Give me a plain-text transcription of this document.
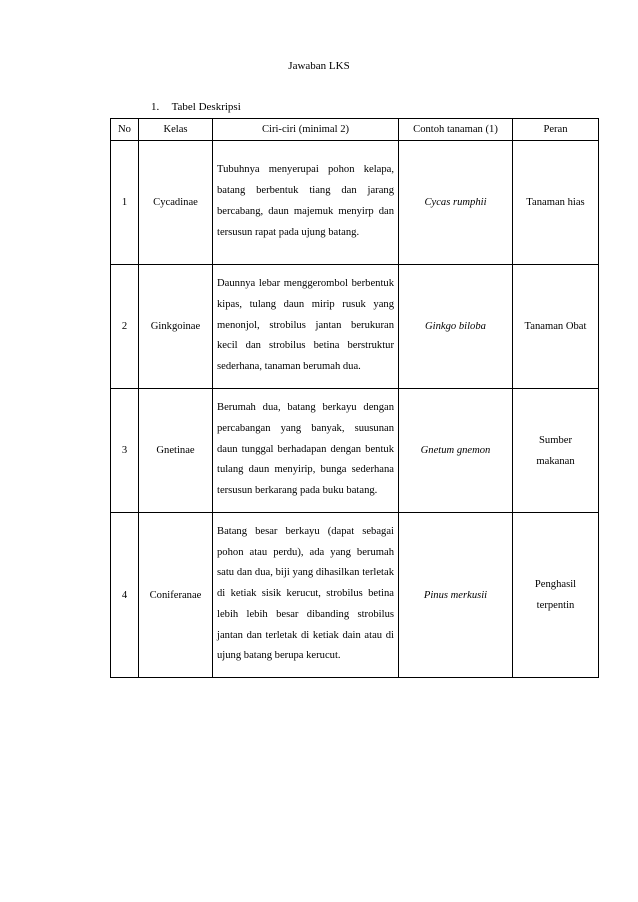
Jawaban LKS
1. Tabel Deskripsi
No	Kelas	Ciri-ciri (minimal 2)	Contoh tanaman (1)	Peran
1	Cycadinae	Tubuhnya menyerupai pohon kelapa, batang berbentuk tiang dan jarang bercabang, daun majemuk menyirp dan tersusun rapat pada ujung batang.	Cycas rumphii	Tanaman hias

2	Ginkgoinae	Daunnya lebar menggerombol berbentuk kipas, tulang daun mirip rusuk yang menonjol, strobilus jantan berukuran kecil dan strobilus betina berstruktur sederhana, tanaman berumah dua.	Ginkgo biloba	Tanaman Obat

3	Gnetinae	Berumah dua, batang berkayu dengan percabangan yang banyak, suusunan daun tunggal berhadapan dengan bentuk tulang daun menyirip, bunga sederhana tersusun berkarang pada buku batang.	Gnetum gnemon	Sumber
makanan

4	Coniferanae	Batang besar berkayu (dapat sebagai pohon atau perdu), ada yang berumah satu dan dua, biji yang dihasilkan terletak di ketiak sisik kerucut, strobilus betina lebih lebih besar dibanding strobilus jantan dan terletak di ketiak dain atau di ujung batang berupa kerucut.	Pinus merkusii	Penghasil
terpentin
